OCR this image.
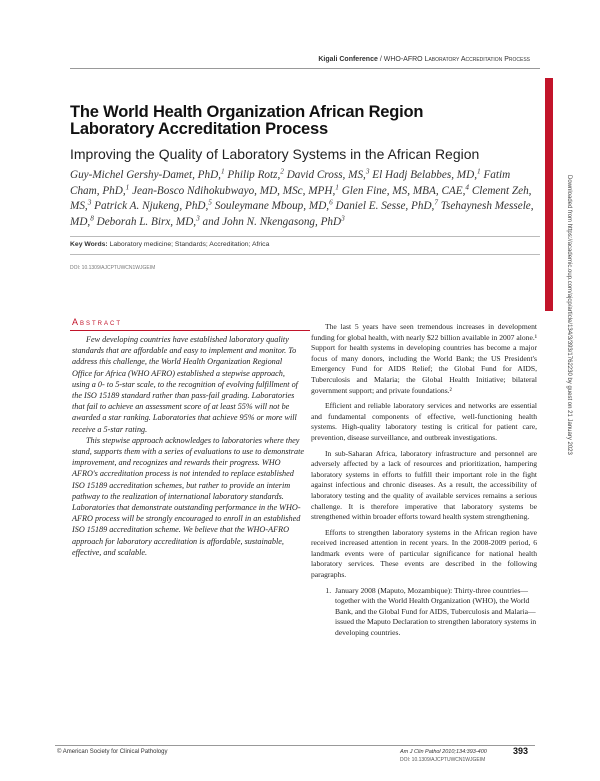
Kigali Conference / WHO-AFRO Laboratory Accreditation Process
Downloaded from https://academic.oup.com/ajcp/article/134/3/393/1762230 by guest on 21 January 2023
The World Health Organization African Region Laboratory Accreditation Process
Improving the Quality of Laboratory Systems in the African Region
Guy-Michel Gershy-Damet, PhD,$^1$ Philip Rotz,$^2$ David Cross, MS,$^3$ El Hadj Belabbes, MD,$^1$ Fatim Cham, PhD,$^1$ Jean-Bosco Ndihokubwayo, MD, MSc, MPH,$^1$ Glen Fine, MS, MBA, CAE,$^4$ Clement Zeh, MS,$^3$ Patrick A. Njukeng, PhD,$^5$ Souleymane Mboup, MD,$^6$ Daniel E. Sesse, PhD,$^7$ Tsehaynesh Messele, MD,$^8$ Deborah L. Birx, MD,$^3$ and John N. Nkengasong, PhD$^3$
Key Words: Laboratory medicine; Standards; Accreditation; Africa
DOI: 10.1309/AJCPTUWCN1WJGEIM
Abstract

Few developing countries have established laboratory quality standards that are affordable and easy to implement and monitor. To address this challenge, the World Health Organization Regional Office for Africa (WHO AFRO) established a stepwise approach, using a 0- to 5-star scale, to the recognition of evolving fulfillment of the ISO 15189 standard rather than pass-fail grading. Laboratories that fail to achieve an assessment score of at least 55% will not be awarded a star ranking. Laboratories that achieve 95% or more will receive a 5-star rating.

This stepwise approach acknowledges to laboratories where they stand, supports them with a series of evaluations to use to demonstrate improvement, and recognizes and rewards their progress. WHO AFRO's accreditation process is not intended to replace established ISO 15189 accreditation schemes, but rather to provide an interim pathway to the realization of international laboratory standards. Laboratories that demonstrate outstanding performance in the WHO-AFRO process will be strongly encouraged to enroll in an established ISO 15189 accreditation scheme. We believe that the WHO-AFRO approach for laboratory accreditation is affordable, sustainable, effective, and scalable.

The last 5 years have seen tremendous increases in development funding for global health, with nearly $22 billion available in 2007 alone.¹ Support for health systems in developing countries has become a major focus of many donors, including the World Bank; the US President's Emergency Fund for AIDS Relief; the Global Fund for AIDS, Tuberculosis and Malaria; the Global Health Initiative; bilateral government support; and private foundations.²

Efficient and reliable laboratory services and networks are essential and fundamental components of effective, well-functioning health systems. High-quality laboratory testing is critical for patient care, prevention, disease surveillance, and outbreak investigations.

In sub-Saharan Africa, laboratory infrastructure and personnel are adversely affected by a lack of resources and prioritization, hampering laboratory systems in efforts to fulfill their important role in the fight against infectious and chronic diseases. As a result, the accessibility of laboratory testing and the quality of available services remains a serious challenge. It is therefore imperative that laboratory systems be strengthened within broader efforts toward health system strengthening.

Efforts to strengthen laboratory systems in the African region have received increased attention in recent years. In the 2008-2009 period, 6 landmark events were of particular significance for national health laboratory services. These events are described in the following paragraphs.

1. January 2008 (Maputo, Mozambique): Thirty-three countries—together with the World Health Organization (WHO), the World Bank, and the Global Fund for AIDS, Tuberculosis and Malaria—issued the Maputo Declaration to strengthen laboratory systems in developing countries.
© American Society for Clinical Pathology	Am J Clin Pathol 2010;134:393-400
DOI: 10.1309/AJCPTUWCN1WJGEIM
393
